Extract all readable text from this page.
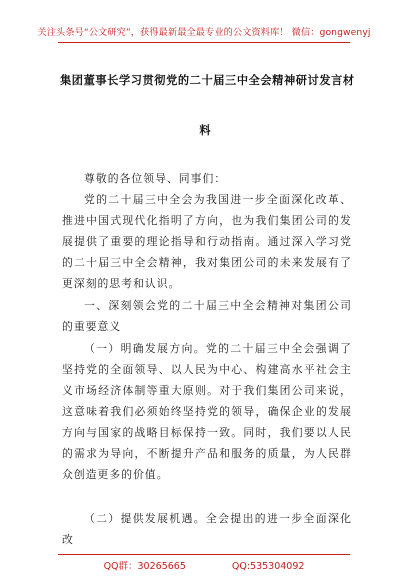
关注头条号“公文研究”，获得最新最全最专业的公文资料库！ 微信：gongwenyj
集团董事长学习贯彻党的二十届三中全会精神研讨发言材
料

尊敬的各位领导、同事们：

党的二十届三中全会为我国进一步全面深化改革、推进中国式现代化指明了方向，也为我们集团公司的发展提供了重要的理论指导和行动指南。通过深入学习党的二十届三中全会精神，我对集团公司的未来发展有了更深刻的思考和认识。

一、深刻领会党的二十届三中全会精神对集团公司的重要意义

（一）明确发展方向。党的二十届三中全会强调了坚持党的全面领导、以人民为中心、构建高水平社会主义市场经济体制等重大原则。对于我们集团公司来说，这意味着我们必须始终坚持党的领导，确保企业的发展方向与国家的战略目标保持一致。同时，我们要以人民的需求为导向，不断提升产品和服务的质量，为人民群众创造更多的价值。

（二）提供发展机遇。全会提出的进一步全面深化改

QQ群：30265665	QQ:535304092
